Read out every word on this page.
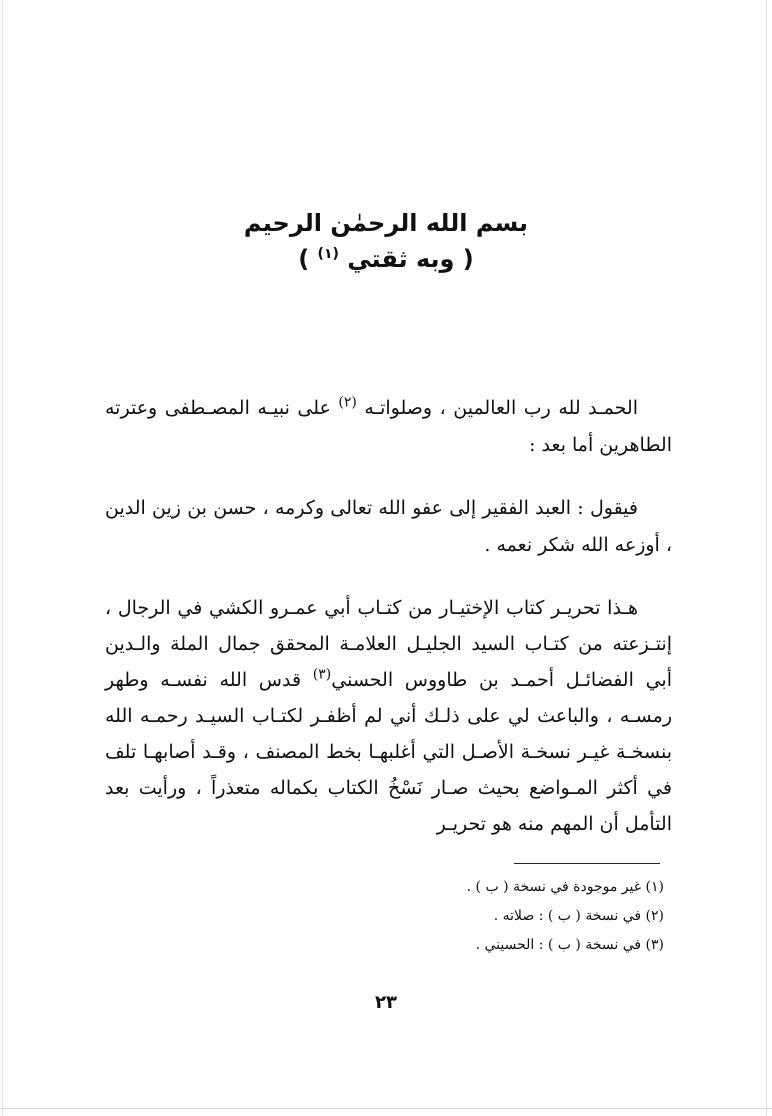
بسم الله الرحمٰن الرحيم
( وبه ثقتي $^{(١)}$ )

الحمـد لله رب العالمين ، وصلواتـه $^{(٢)}$ على نبيـه المصـطفى وعترته الطاهرين أما بعد :

فيقول : العبد الفقير إلى عفو الله تعالى وكرمه ، حسن بن زين الدين ، أوزعه الله شكر نعمه .

هـذا تحريـر كتاب الإختيـار من كتـاب أبي عمـرو الكشي في الرجال ، إنتـزعته من كتـاب السيد الجليـل العلامـة المحقق جمال الملة والـدين أبي الفضائـل أحمـد بن طاووس الحسني$^{(٣)}$ قدس الله نفسـه وطهر رمسـه ، والباعث لي على ذلـك أني لم أظفـر لكتـاب السيـد رحمـه الله بنسخـة غيـر نسخـة الأصـل التي أغلبهـا بخط المصنف ، وقـد أصابهـا تلف في أكثر المـواضع بحيث صـار نَسْخُ الكتاب بكماله متعذراً ، ورأيت بعد التأمل أن المهم منه هو تحريـر

(١) غير موجودة في نسخة ( ب ) .
(٢) في نسخة ( ب ) : صلاته .
(٣) في نسخة ( ب ) : الحسيني .
٢٣
